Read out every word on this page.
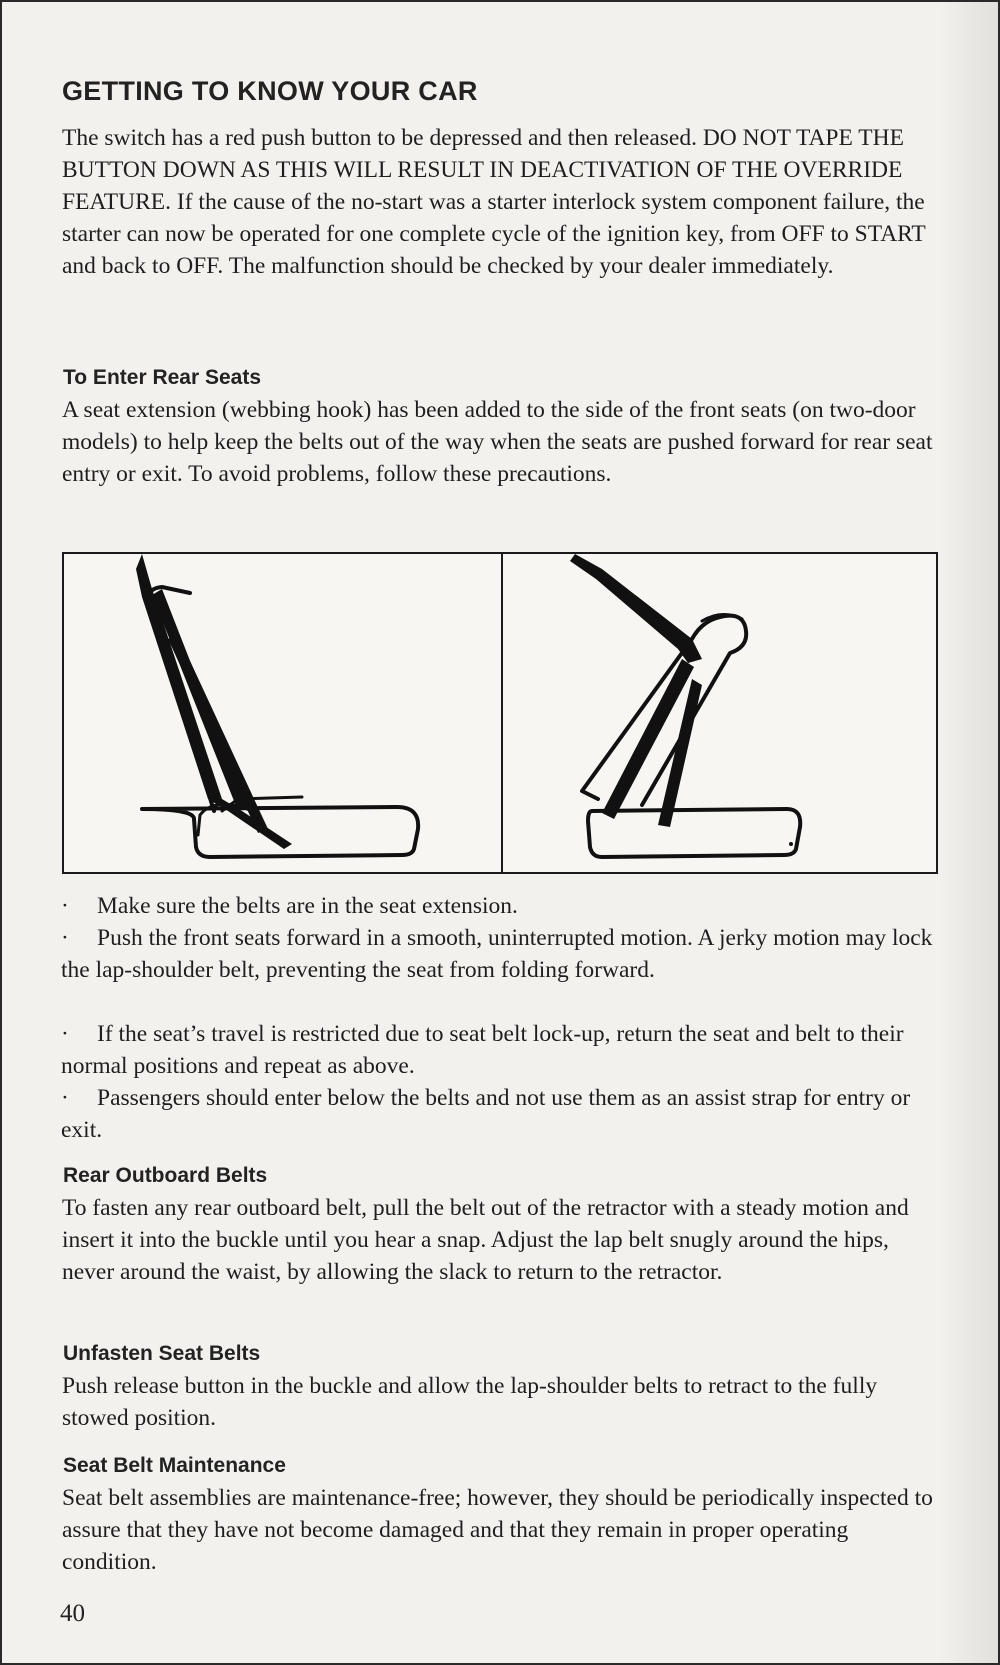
GETTING TO KNOW YOUR CAR

The switch has a red push button to be depressed and then released. DO NOT TAPE THE BUTTON DOWN AS THIS WILL RESULT IN DEACTIVATION OF THE OVERRIDE FEATURE. If the cause of the no-start was a starter interlock system component failure, the starter can now be operated for one complete cycle of the ignition key, from OFF to START and back to OFF. The malfunction should be checked by your dealer immediately.

To Enter Rear Seats

A seat extension (webbing hook) has been added to the side of the front seats (on two-door models) to help keep the belts out of the way when the seats are pushed forward for rear seat entry or exit. To avoid problems, follow these precautions.

· Make sure the belts are in the seat extension.

· Push the front seats forward in a smooth, uninterrupted motion. A jerky motion may lock the lap-shoulder belt, preventing the seat from folding forward.

· If the seat’s travel is restricted due to seat belt lock-up, return the seat and belt to their normal positions and repeat as above.

· Passengers should enter below the belts and not use them as an assist strap for entry or exit.

Rear Outboard Belts

To fasten any rear outboard belt, pull the belt out of the retractor with a steady motion and insert it into the buckle until you hear a snap. Adjust the lap belt snugly around the hips, never around the waist, by allowing the slack to return to the retractor.

Unfasten Seat Belts

Push release button in the buckle and allow the lap-shoulder belts to retract to the fully stowed position.

Seat Belt Maintenance

Seat belt assemblies are maintenance-free; however, they should be periodically inspected to assure that they have not become damaged and that they remain in proper operating condition.

40
